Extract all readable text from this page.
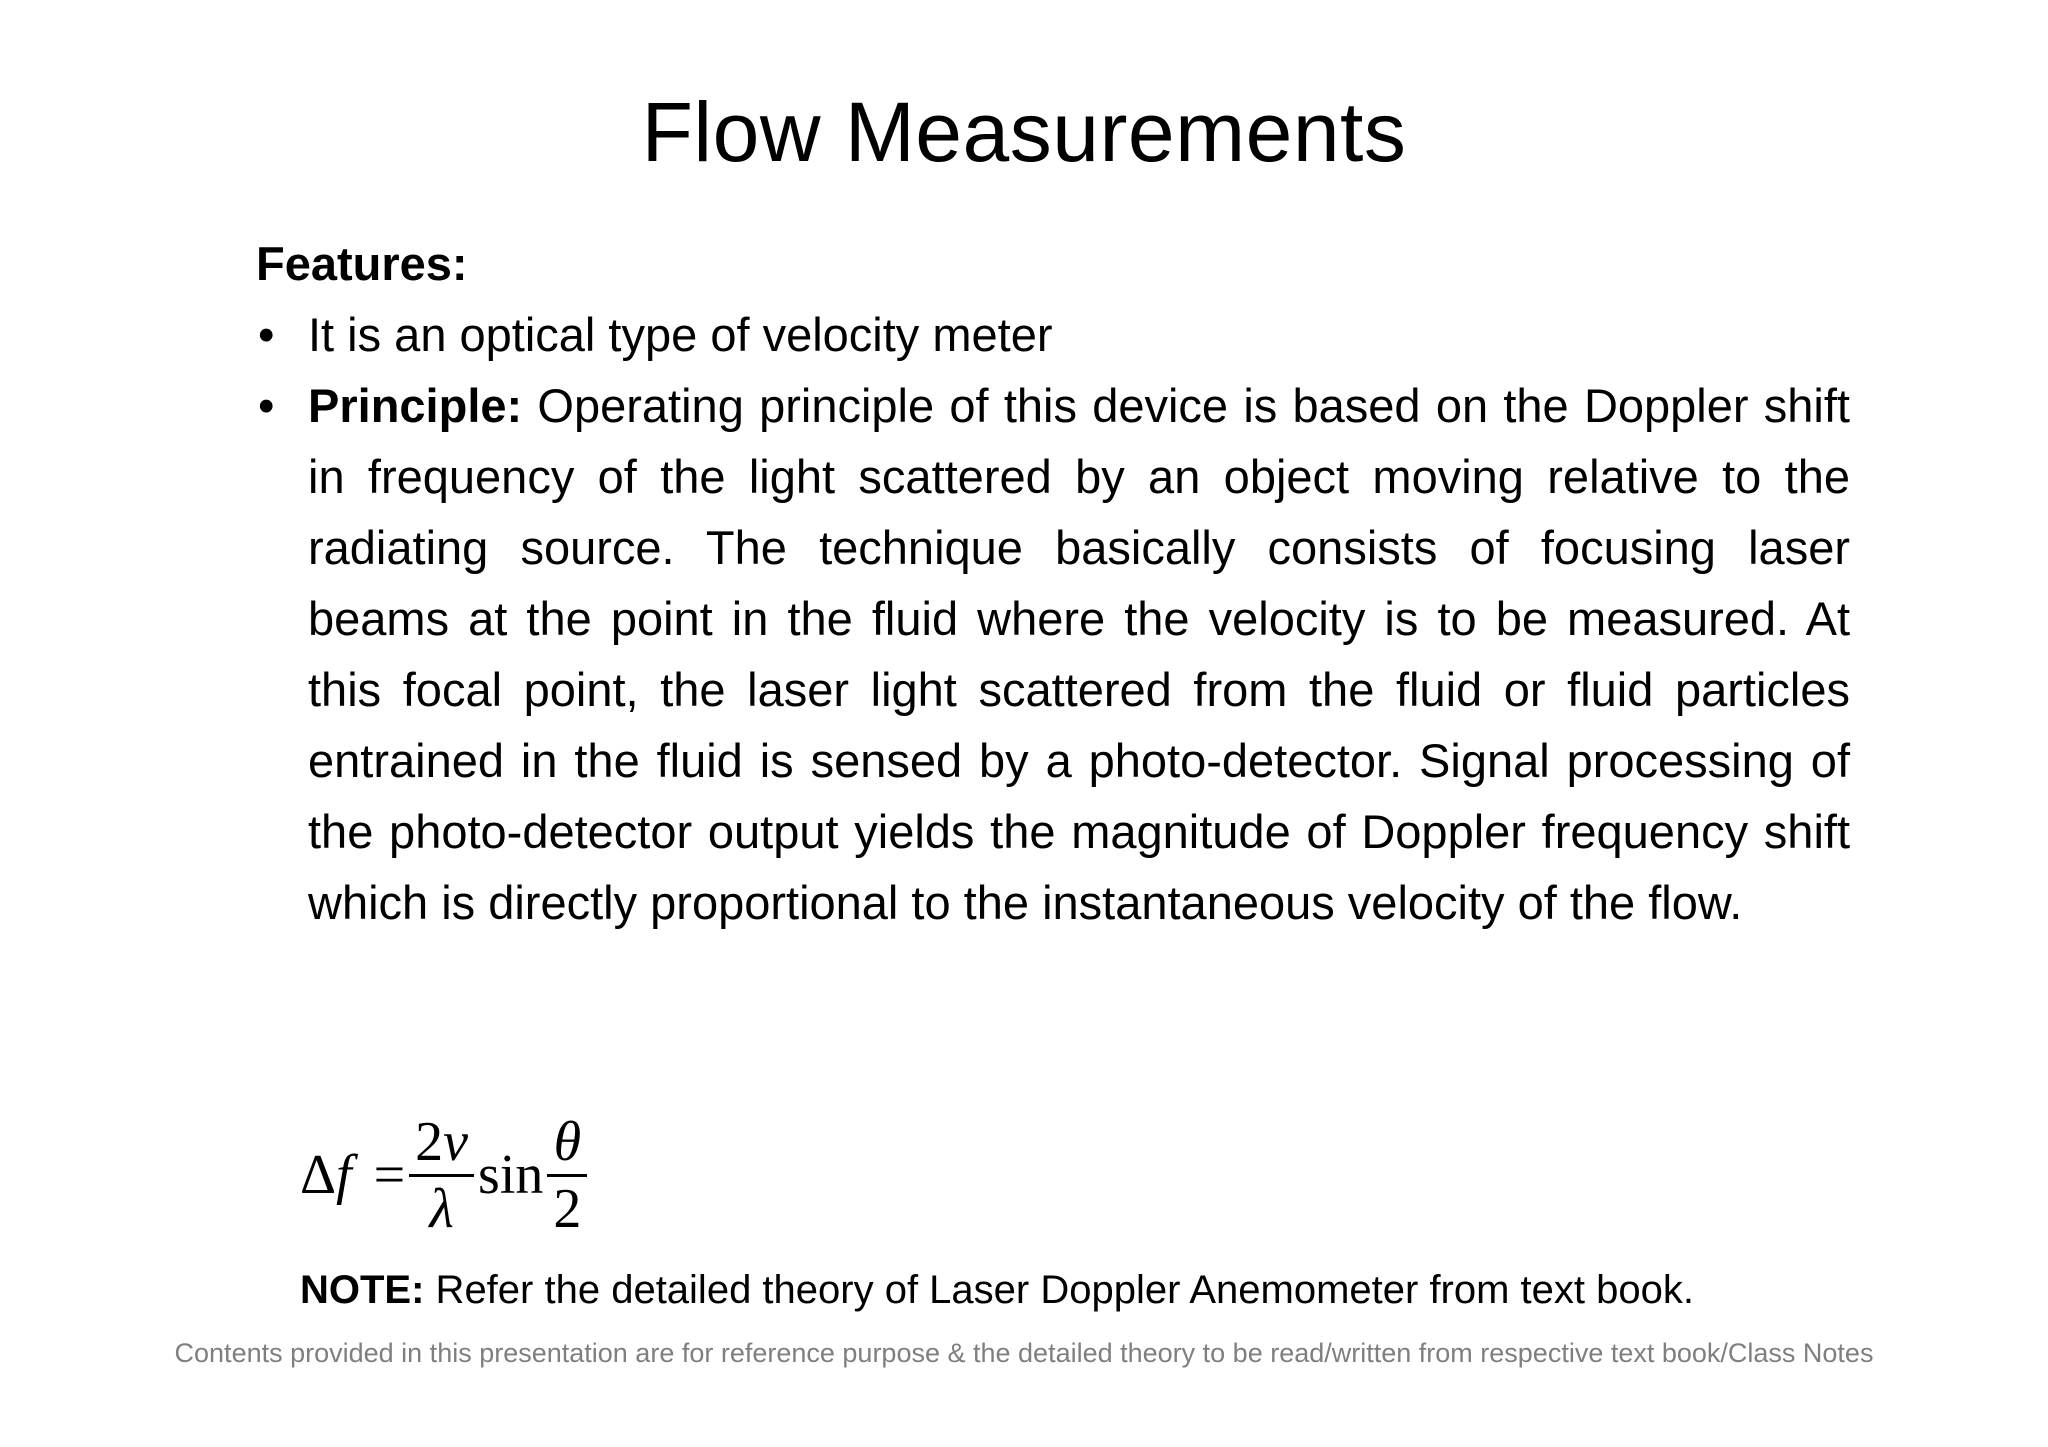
Flow Measurements

Features:

• It is an optical type of velocity meter
• Principle: Operating principle of this device is based on the Doppler shift in frequency of the light scattered by an object moving relative to the radiating source. The technique basically consists of focusing laser beams at the point in the fluid where the velocity is to be measured. At this focal point, the laser light scattered from the fluid or fluid particles entrained in the fluid is sensed by a photo-detector. Signal processing of the photo-detector output yields the magnitude of Doppler frequency shift which is directly proportional to the instantaneous velocity of the flow.
Δ $f = \frac{2v}{\lambda}$ $\sin \frac{\theta}{2}$
NOTE: Refer the detailed theory of Laser Doppler Anemometer from text book.
Contents provided in this presentation are for reference purpose & the detailed theory to be read/written from respective text book/Class Notes
